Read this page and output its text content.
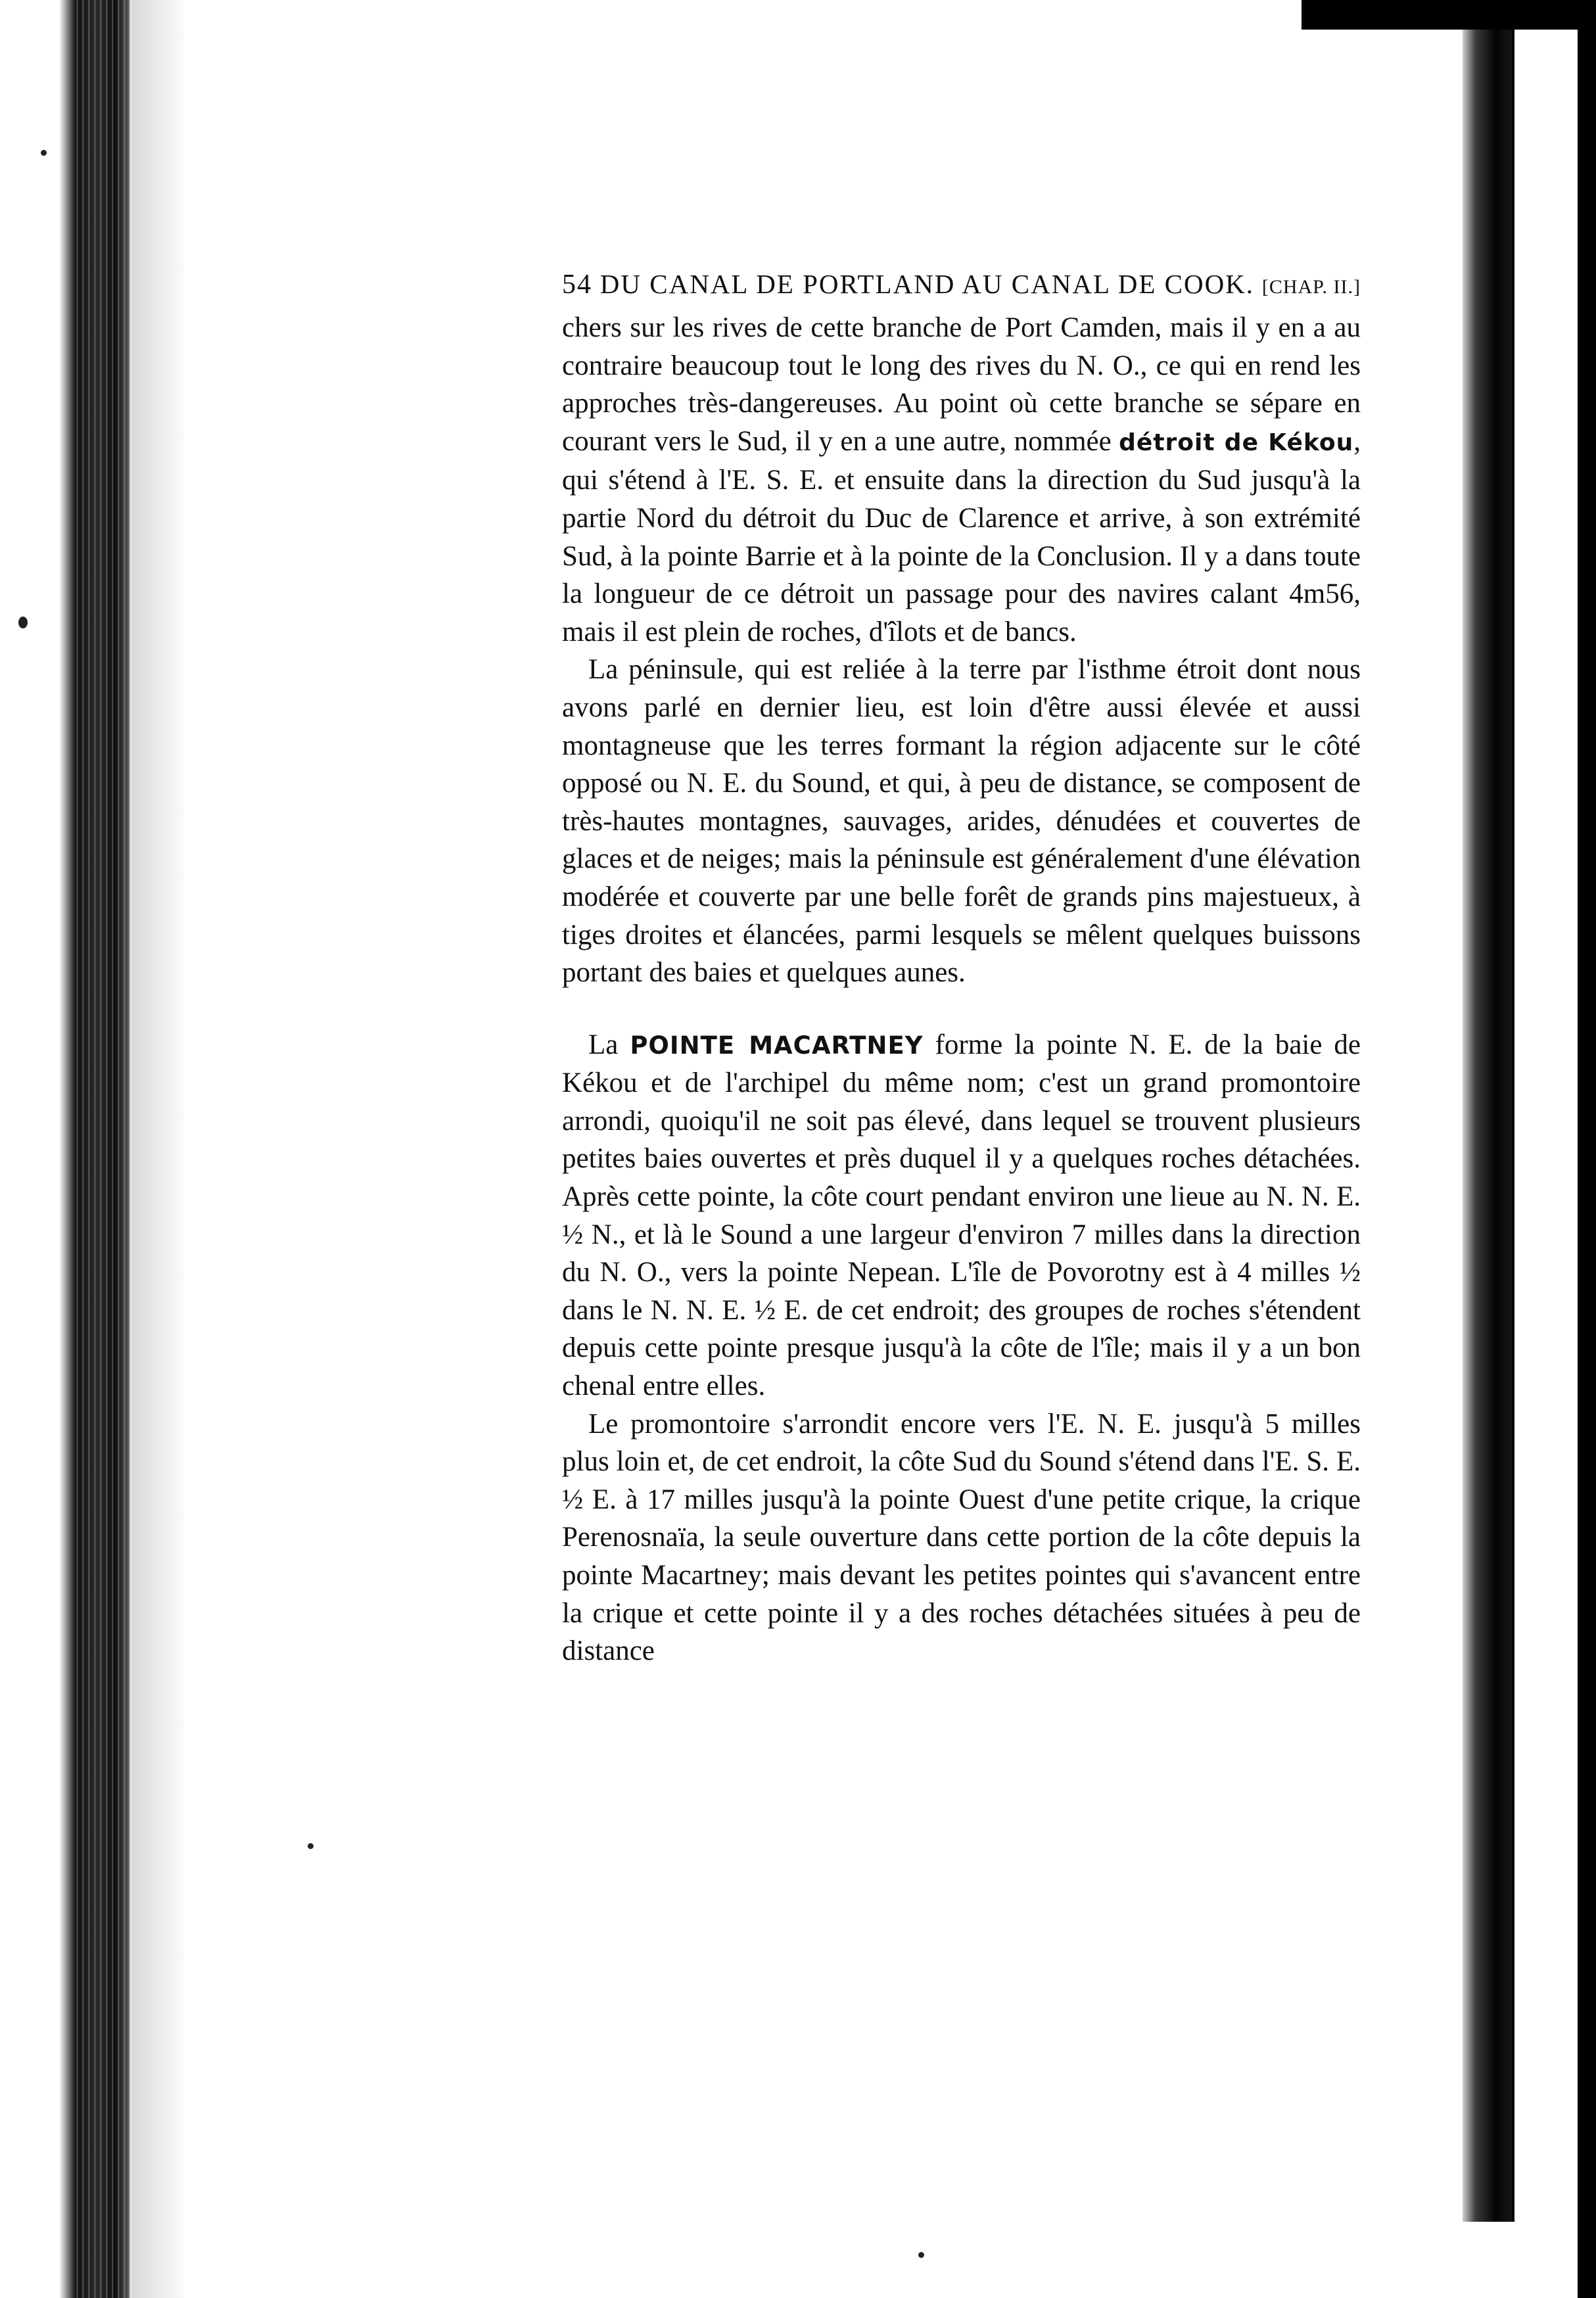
54 DU CANAL DE PORTLAND AU CANAL DE COOK. [CHAP. II.]

chers sur les rives de cette branche de Port Camden, mais il y en a au contraire beaucoup tout le long des rives du N. O., ce qui en rend les approches très-dangereuses. Au point où cette branche se sépare en courant vers le Sud, il y en a une autre, nommée détroit de Kékou, qui s'étend à l'E. S. E. et ensuite dans la direction du Sud jusqu'à la partie Nord du détroit du Duc de Clarence et arrive, à son extrémité Sud, à la pointe Barrie et à la pointe de la Conclusion. Il y a dans toute la longueur de ce détroit un passage pour des navires calant 4m56, mais il est plein de roches, d'îlots et de bancs.

La péninsule, qui est reliée à la terre par l'isthme étroit dont nous avons parlé en dernier lieu, est loin d'être aussi élevée et aussi montagneuse que les terres formant la région adjacente sur le côté opposé ou N. E. du Sound, et qui, à peu de distance, se composent de très-hautes montagnes, sauvages, arides, dénudées et couvertes de glaces et de neiges; mais la péninsule est généralement d'une élévation modérée et couverte par une belle forêt de grands pins majestueux, à tiges droites et élancées, parmi lesquels se mêlent quelques buissons portant des baies et quelques aunes.

La POINTE MACARTNEY forme la pointe N. E. de la baie de Kékou et de l'archipel du même nom; c'est un grand promontoire arrondi, quoiqu'il ne soit pas élevé, dans lequel se trouvent plusieurs petites baies ouvertes et près duquel il y a quelques roches détachées. Après cette pointe, la côte court pendant environ une lieue au N. N. E. ½ N., et là le Sound a une largeur d'environ 7 milles dans la direction du N. O., vers la pointe Nepean. L'île de Povorotny est à 4 milles ½ dans le N. N. E. ½ E. de cet endroit; des groupes de roches s'étendent depuis cette pointe presque jusqu'à la côte de l'île; mais il y a un bon chenal entre elles.

Le promontoire s'arrondit encore vers l'E. N. E. jusqu'à 5 milles plus loin et, de cet endroit, la côte Sud du Sound s'étend dans l'E. S. E. ½ E. à 17 milles jusqu'à la pointe Ouest d'une petite crique, la crique Perenosnaïa, la seule ouverture dans cette portion de la côte depuis la pointe Macartney; mais devant les petites pointes qui s'avancent entre la crique et cette pointe il y a des roches détachées situées à peu de distance
